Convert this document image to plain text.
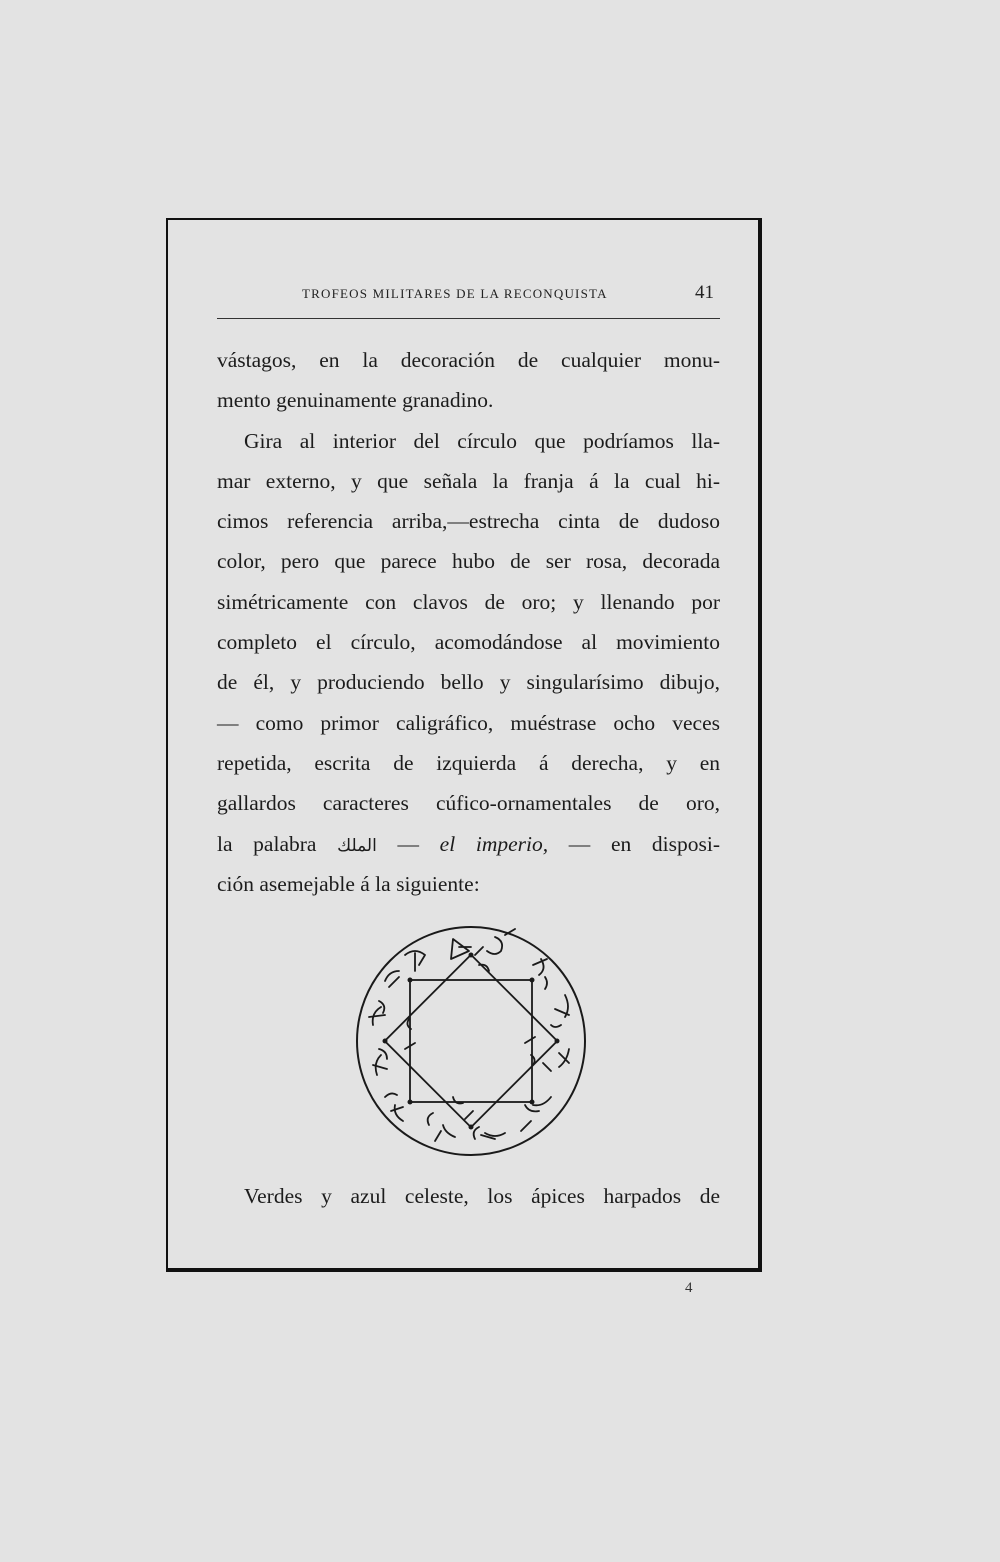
TROFEOS MILITARES DE LA RECONQUISTA	41
vástagos, en la decoración de cualquier monu-
mento genuinamente granadino.
Gira al interior del círculo que podríamos lla-
mar externo, y que señala la franja á la cual hi-
cimos referencia arriba,—estrecha cinta de dudoso
color, pero que parece hubo de ser rosa, decorada
simétricamente con clavos de oro; y llenando por
completo el círculo, acomodándose al movimiento
de él, y produciendo bello y singularísimo dibujo,
— como primor caligráfico, muéstrase ocho veces
repetida, escrita de izquierda á derecha, y en
gallardos caracteres cúfico-ornamentales de oro,
la palabra الملك — el imperio, — en disposi-
ción asemejable á la siguiente:
Verdes y azul celeste, los ápices harpados de
4
